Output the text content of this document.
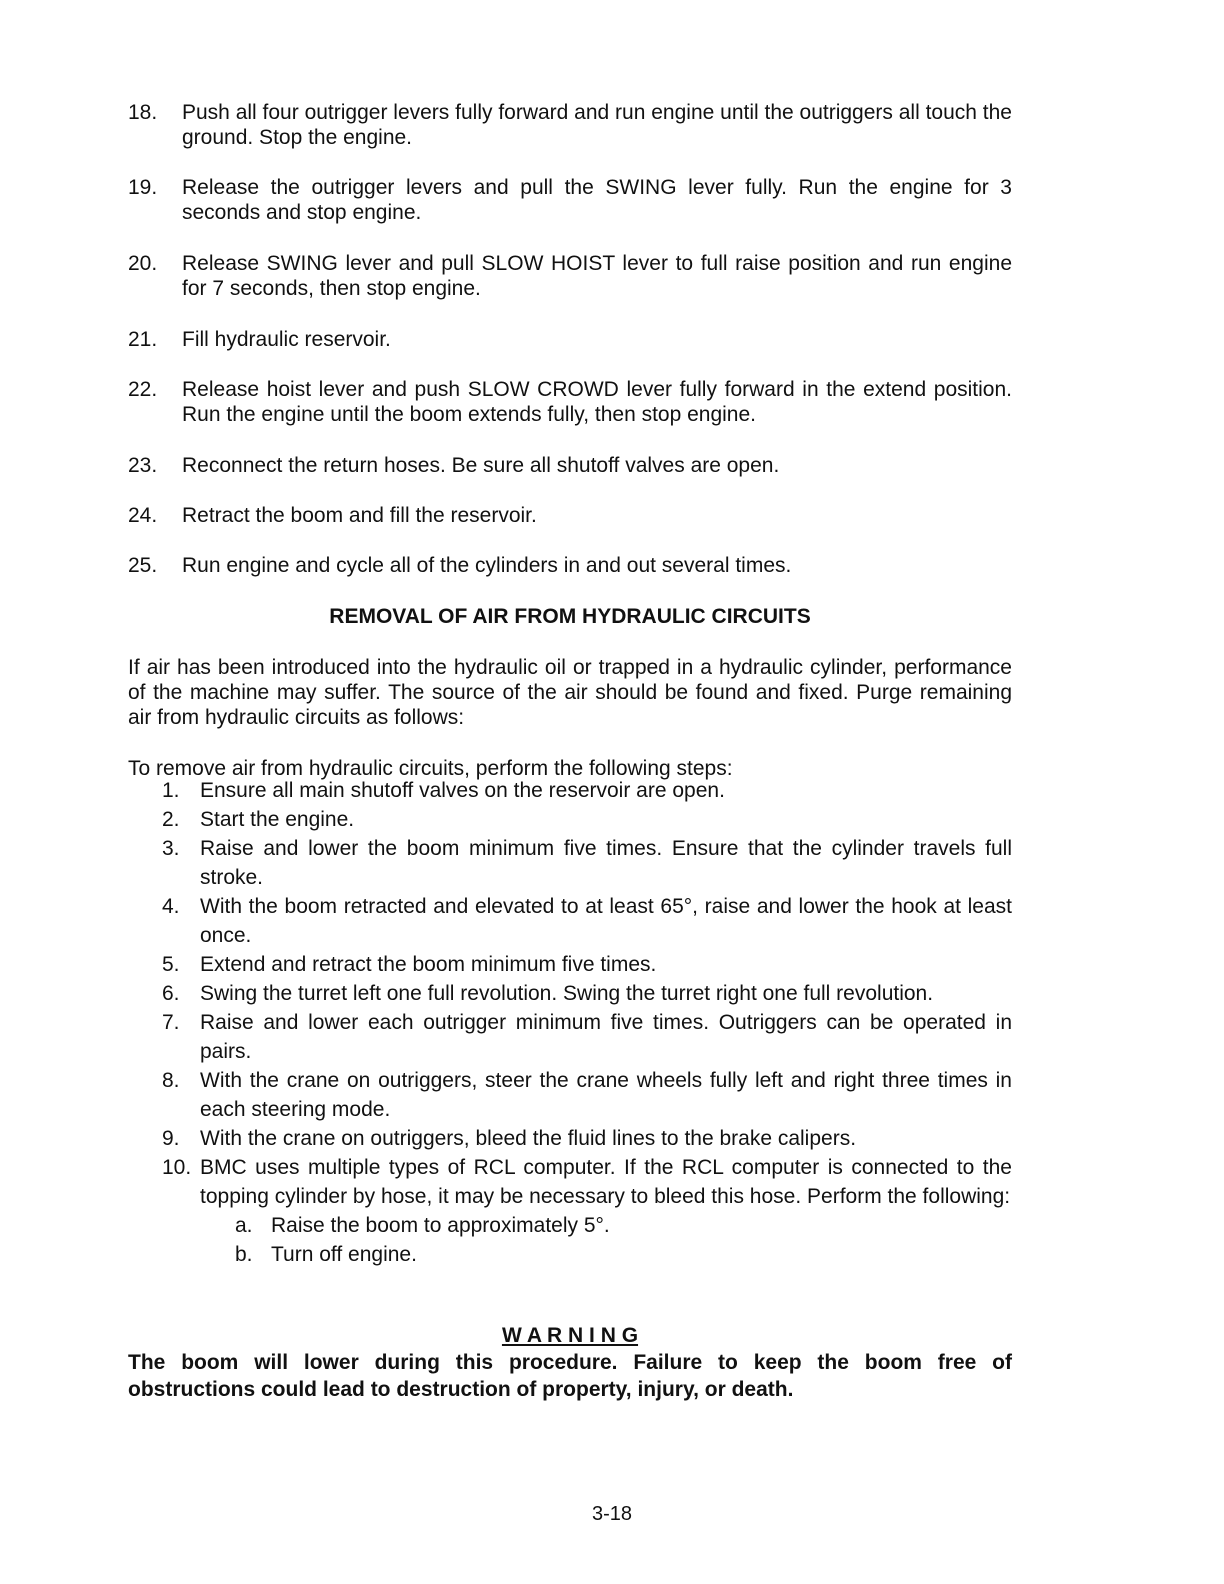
18. Push all four outrigger levers fully forward and run engine until the outriggers all touch the ground. Stop the engine.
19. Release the outrigger levers and pull the SWING lever fully. Run the engine for 3 seconds and stop engine.
20. Release SWING lever and pull SLOW HOIST lever to full raise position and run engine for 7 seconds, then stop engine.
21. Fill hydraulic reservoir.
22. Release hoist lever and push SLOW CROWD lever fully forward in the extend position. Run the engine until the boom extends fully, then stop engine.
23. Reconnect the return hoses. Be sure all shutoff valves are open.
24. Retract the boom and fill the reservoir.
25. Run engine and cycle all of the cylinders in and out several times.
REMOVAL OF AIR FROM HYDRAULIC CIRCUITS
If air has been introduced into the hydraulic oil or trapped in a hydraulic cylinder, performance of the machine may suffer. The source of the air should be found and fixed. Purge remaining air from hydraulic circuits as follows:
To remove air from hydraulic circuits, perform the following steps:
1. Ensure all main shutoff valves on the reservoir are open.
2. Start the engine.
3. Raise and lower the boom minimum five times. Ensure that the cylinder travels full stroke.
4. With the boom retracted and elevated to at least 65°, raise and lower the hook at least once.
5. Extend and retract the boom minimum five times.
6. Swing the turret left one full revolution. Swing the turret right one full revolution.
7. Raise and lower each outrigger minimum five times. Outriggers can be operated in pairs.
8. With the crane on outriggers, steer the crane wheels fully left and right three times in each steering mode.
9. With the crane on outriggers, bleed the fluid lines to the brake calipers.
10. BMC uses multiple types of RCL computer. If the RCL computer is connected to the topping cylinder by hose, it may be necessary to bleed this hose. Perform the following:
a. Raise the boom to approximately 5°.
b. Turn off engine.
W A R N I N G
The boom will lower during this procedure. Failure to keep the boom free of obstructions could lead to destruction of property, injury, or death.
3-18
